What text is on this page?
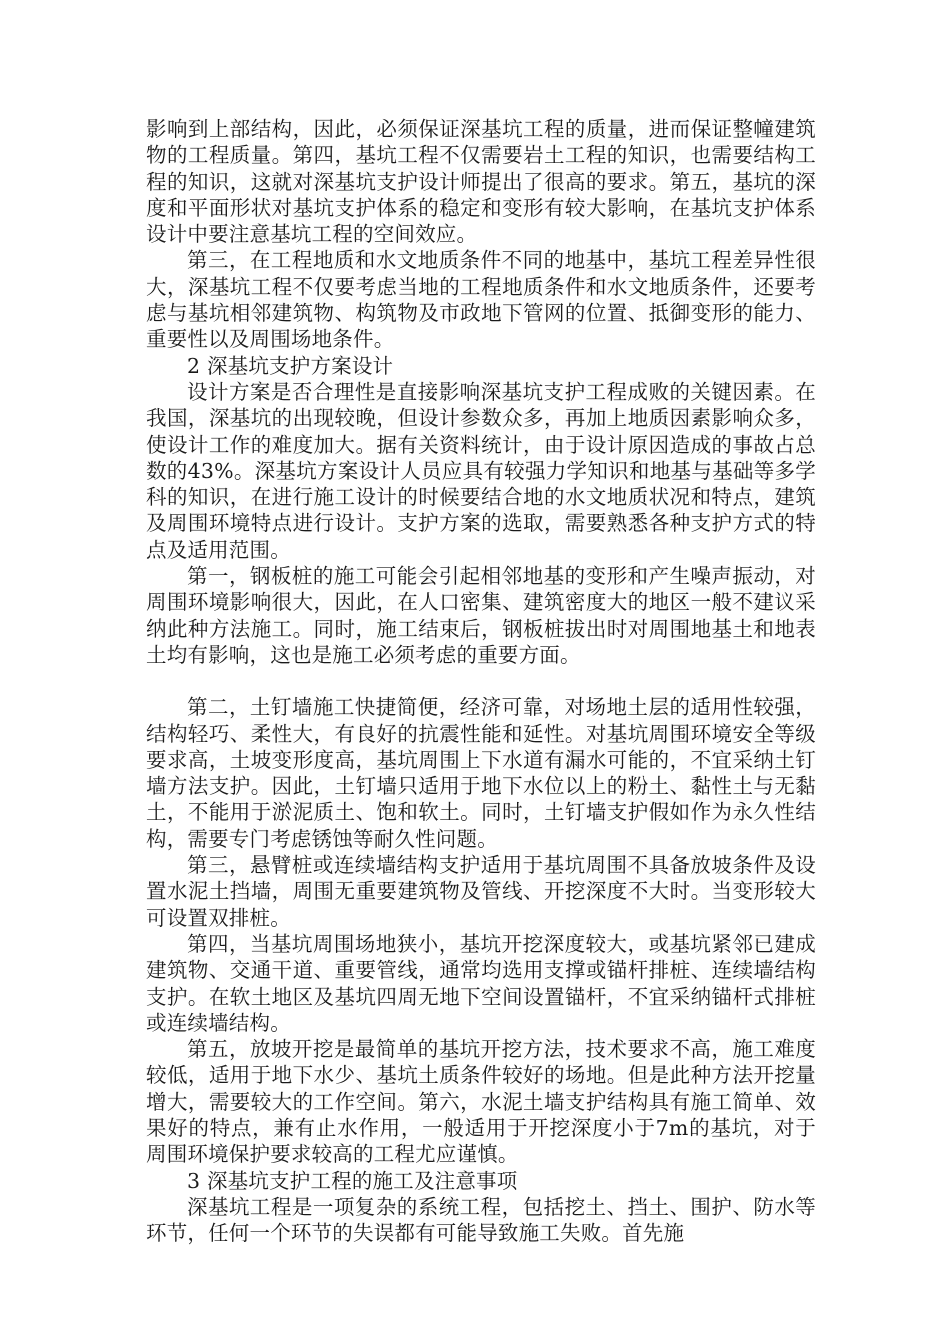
影响到上部结构，因此，必须保证深基坑工程的质量，进而保证整幢建筑物的工程质量。第四，基坑工程不仅需要岩土工程的知识，也需要结构工程的知识，这就对深基坑支护设计师提出了很高的要求。第五，基坑的深度和平面形状对基坑支护体系的稳定和变形有较大影响，在基坑支护体系设计中要注意基坑工程的空间效应。

第三，在工程地质和水文地质条件不同的地基中，基坑工程差异性很大，深基坑工程不仅要考虑当地的工程地质条件和水文地质条件，还要考虑与基坑相邻建筑物、构筑物及市政地下管网的位置、抵御变形的能力、重要性以及周围场地条件。

2 深基坑支护方案设计

设计方案是否合理性是直接影响深基坑支护工程成败的关键因素。在我国，深基坑的出现较晚，但设计参数众多，再加上地质因素影响众多，使设计工作的难度加大。据有关资料统计，由于设计原因造成的事故占总数的43%。深基坑方案设计人员应具有较强力学知识和地基与基础等多学科的知识，在进行施工设计的时候要结合地的水文地质状况和特点，建筑及周围环境特点进行设计。支护方案的选取，需要熟悉各种支护方式的特点及适用范围。

第一，钢板桩的施工可能会引起相邻地基的变形和产生噪声振动，对周围环境影响很大，因此，在人口密集、建筑密度大的地区一般不建议采纳此种方法施工。同时，施工结束后，钢板桩拔出时对周围地基土和地表土均有影响，这也是施工必须考虑的重要方面。

第二，土钉墙施工快捷简便，经济可靠，对场地土层的适用性较强，结构轻巧、柔性大，有良好的抗震性能和延性。对基坑周围环境安全等级要求高，土坡变形度高，基坑周围上下水道有漏水可能的，不宜采纳土钉墙方法支护。因此，土钉墙只适用于地下水位以上的粉土、黏性土与无黏土，不能用于淤泥质土、饱和软土。同时，土钉墙支护假如作为永久性结构，需要专门考虑锈蚀等耐久性问题。

第三，悬臂桩或连续墙结构支护适用于基坑周围不具备放坡条件及设置水泥土挡墙，周围无重要建筑物及管线、开挖深度不大时。当变形较大可设置双排桩。

第四，当基坑周围场地狭小，基坑开挖深度较大，或基坑紧邻已建成建筑物、交通干道、重要管线，通常均选用支撑或锚杆排桩、连续墙结构支护。在软土地区及基坑四周无地下空间设置锚杆，不宜采纳锚杆式排桩或连续墙结构。

第五，放坡开挖是最简单的基坑开挖方法，技术要求不高，施工难度较低，适用于地下水少、基坑土质条件较好的场地。但是此种方法开挖量增大，需要较大的工作空间。第六，水泥土墙支护结构具有施工简单、效果好的特点，兼有止水作用，一般适用于开挖深度小于7m的基坑，对于周围环境保护要求较高的工程尤应谨慎。

3 深基坑支护工程的施工及注意事项

深基坑工程是一项复杂的系统工程，包括挖土、挡土、围护、防水等环节，任何一个环节的失误都有可能导致施工失败。首先施
